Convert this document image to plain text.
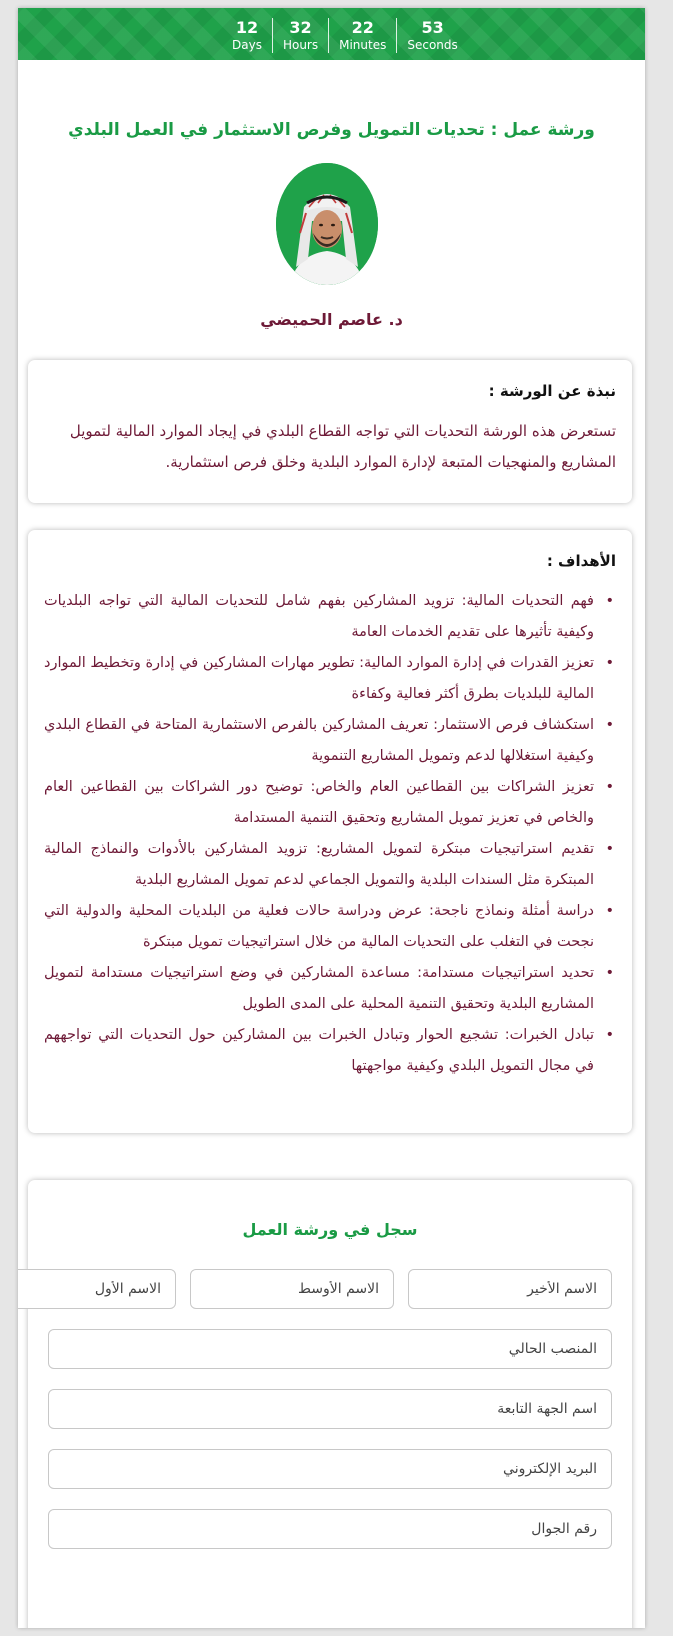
12
Days
32
Hours
22
Minutes
53
Seconds
ورشة عمل : تحديات التمويل وفرص الاستثمار في العمل البلدي
د. عاصم الحميضي
نبذة عن الورشة :

تستعرض هذه الورشة التحديات التي تواجه القطاع البلدي في إيجاد الموارد المالية لتمويل المشاريع والمنهجيات المتبعة لإدارة الموارد البلدية وخلق فرص استثمارية.

الأهداف :
• فهم التحديات المالية: تزويد المشاركين بفهم شامل للتحديات المالية التي تواجه البلديات وكيفية تأثيرها على تقديم الخدمات العامة
• تعزيز القدرات في إدارة الموارد المالية: تطوير مهارات المشاركين في إدارة وتخطيط الموارد المالية للبلديات بطرق أكثر فعالية وكفاءة
• استكشاف فرص الاستثمار: تعريف المشاركين بالفرص الاستثمارية المتاحة في القطاع البلدي وكيفية استغلالها لدعم وتمويل المشاريع التنموية
• تعزيز الشراكات بين القطاعين العام والخاص: توضيح دور الشراكات بين القطاعين العام والخاص في تعزيز تمويل المشاريع وتحقيق التنمية المستدامة
• تقديم استراتيجيات مبتكرة لتمويل المشاريع: تزويد المشاركين بالأدوات والنماذج المالية المبتكرة مثل السندات البلدية والتمويل الجماعي لدعم تمويل المشاريع البلدية
• دراسة أمثلة ونماذج ناجحة: عرض ودراسة حالات فعلية من البلديات المحلية والدولية التي نجحت في التغلب على التحديات المالية من خلال استراتيجيات تمويل مبتكرة
• تحديد استراتيجيات مستدامة: مساعدة المشاركين في وضع استراتيجيات مستدامة لتمويل المشاريع البلدية وتحقيق التنمية المحلية على المدى الطويل
• تبادل الخبرات: تشجيع الحوار وتبادل الخبرات بين المشاركين حول التحديات التي تواجههم في مجال التمويل البلدي وكيفية مواجهتها
سجل في ورشة العمل
الاسم الأخير
الاسم الأوسط
الاسم الأول
المنصب الحالي
اسم الجهة التابعة
البريد الإلكتروني
رقم الجوال
